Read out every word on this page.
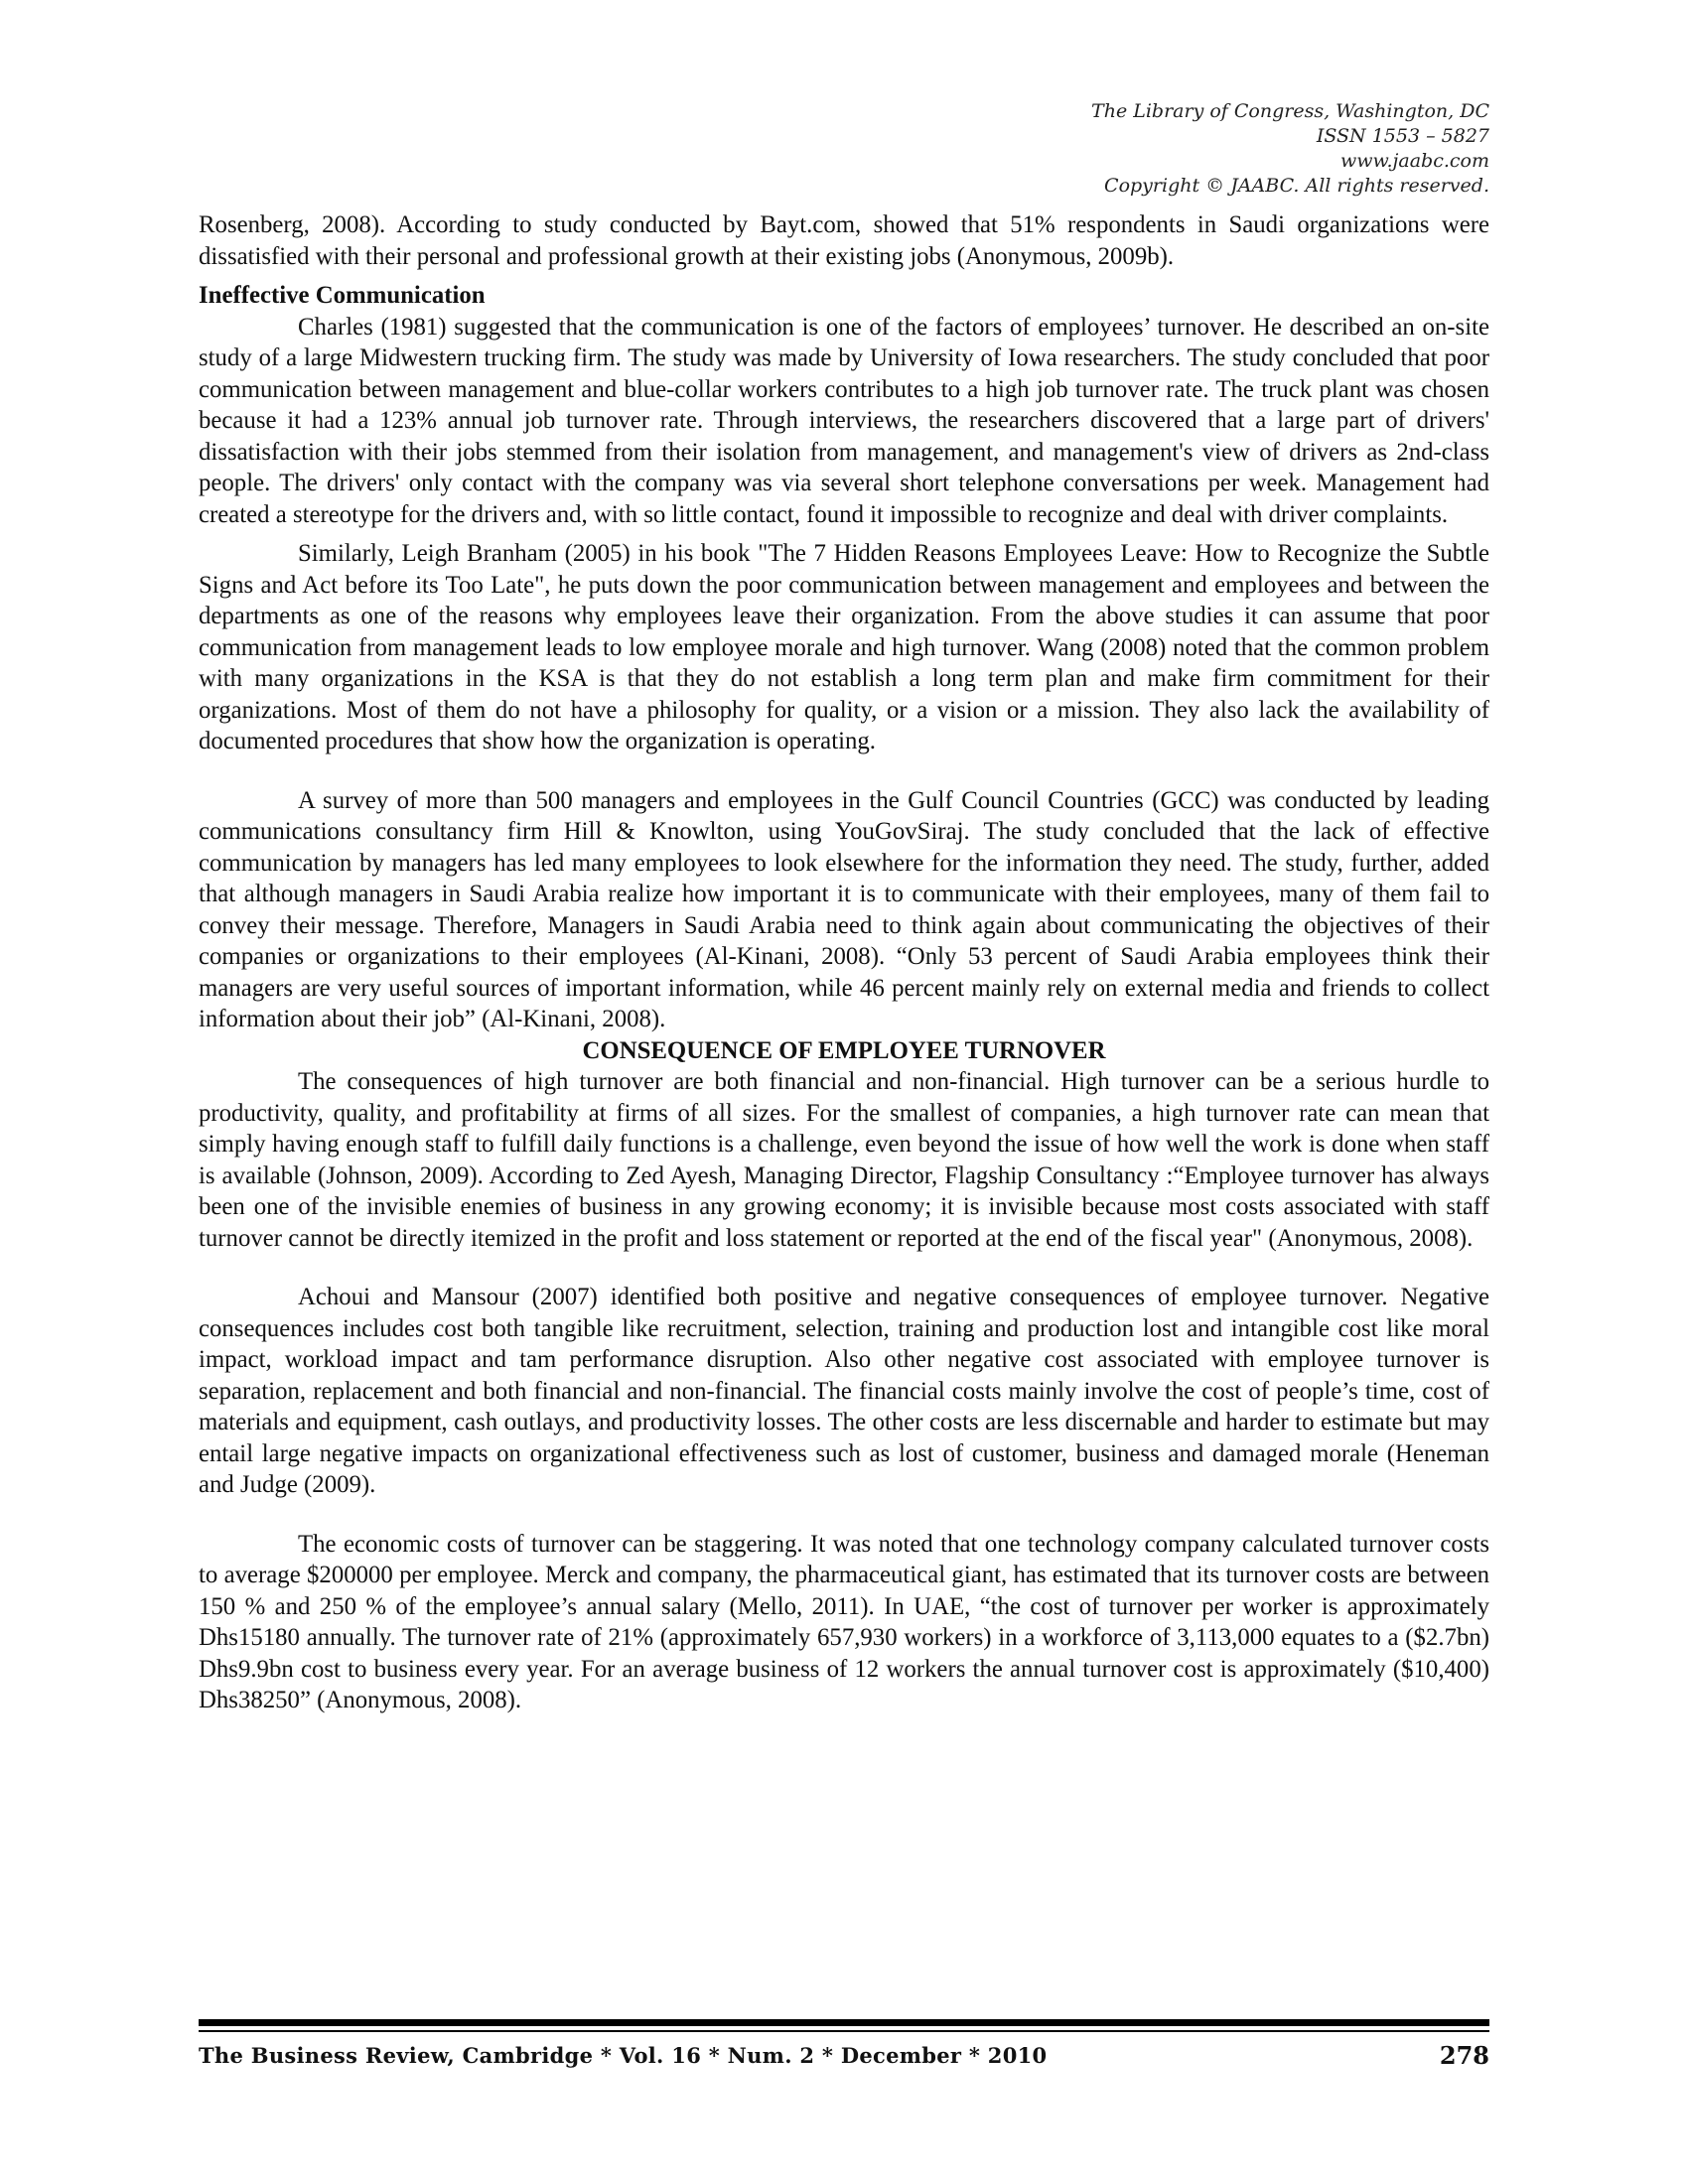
The Library of Congress, Washington, DC
ISSN 1553 – 5827
www.jaabc.com
Copyright © JAABC. All rights reserved.

Rosenberg, 2008). According to study conducted by Bayt.com, showed that 51% respondents in Saudi organizations were dissatisfied with their personal and professional growth at their existing jobs (Anonymous, 2009b).

Ineffective Communication

Charles (1981) suggested that the communication is one of the factors of employees’ turnover. He described an on-site study of a large Midwestern trucking firm. The study was made by University of Iowa researchers. The study concluded that poor communication between management and blue-collar workers contributes to a high job turnover rate. The truck plant was chosen because it had a 123% annual job turnover rate. Through interviews, the researchers discovered that a large part of drivers' dissatisfaction with their jobs stemmed from their isolation from management, and management's view of drivers as 2nd-class people. The drivers' only contact with the company was via several short telephone conversations per week. Management had created a stereotype for the drivers and, with so little contact, found it impossible to recognize and deal with driver complaints.

Similarly, Leigh Branham (2005) in his book "The 7 Hidden Reasons Employees Leave: How to Recognize the Subtle Signs and Act before its Too Late", he puts down the poor communication between management and employees and between the departments as one of the reasons why employees leave their organization. From the above studies it can assume that poor communication from management leads to low employee morale and high turnover. Wang (2008) noted that the common problem with many organizations in the KSA is that they do not establish a long term plan and make firm commitment for their organizations. Most of them do not have a philosophy for quality, or a vision or a mission. They also lack the availability of documented procedures that show how the organization is operating.

A survey of more than 500 managers and employees in the Gulf Council Countries (GCC) was conducted by leading communications consultancy firm Hill & Knowlton, using YouGovSiraj. The study concluded that the lack of effective communication by managers has led many employees to look elsewhere for the information they need. The study, further, added that although managers in Saudi Arabia realize how important it is to communicate with their employees, many of them fail to convey their message. Therefore, Managers in Saudi Arabia need to think again about communicating the objectives of their companies or organizations to their employees (Al-Kinani, 2008). “Only 53 percent of Saudi Arabia employees think their managers are very useful sources of important information, while 46 percent mainly rely on external media and friends to collect information about their job” (Al-Kinani, 2008).

CONSEQUENCE OF EMPLOYEE TURNOVER

The consequences of high turnover are both financial and non-financial. High turnover can be a serious hurdle to productivity, quality, and profitability at firms of all sizes. For the smallest of companies, a high turnover rate can mean that simply having enough staff to fulfill daily functions is a challenge, even beyond the issue of how well the work is done when staff is available (Johnson, 2009). According to Zed Ayesh, Managing Director, Flagship Consultancy :“Employee turnover has always been one of the invisible enemies of business in any growing economy; it is invisible because most costs associated with staff turnover cannot be directly itemized in the profit and loss statement or reported at the end of the fiscal year" (Anonymous, 2008).

Achoui and Mansour (2007) identified both positive and negative consequences of employee turnover. Negative consequences includes cost both tangible like recruitment, selection, training and production lost and intangible cost like moral impact, workload impact and tam performance disruption. Also other negative cost associated with employee turnover is separation, replacement and both financial and non-financial. The financial costs mainly involve the cost of people’s time, cost of materials and equipment, cash outlays, and productivity losses. The other costs are less discernable and harder to estimate but may entail large negative impacts on organizational effectiveness such as lost of customer, business and damaged morale (Heneman and Judge (2009).

The economic costs of turnover can be staggering. It was noted that one technology company calculated turnover costs to average $200000 per employee. Merck and company, the pharmaceutical giant, has estimated that its turnover costs are between 150 % and 250 % of the employee’s annual salary (Mello, 2011). In UAE, “the cost of turnover per worker is approximately Dhs15180 annually. The turnover rate of 21% (approximately 657,930 workers) in a workforce of 3,113,000 equates to a ($2.7bn) Dhs9.9bn cost to business every year. For an average business of 12 workers the annual turnover cost is approximately ($10,400) Dhs38250” (Anonymous, 2008).

The Business Review, Cambridge * Vol. 16 * Num. 2 * December * 2010	278
